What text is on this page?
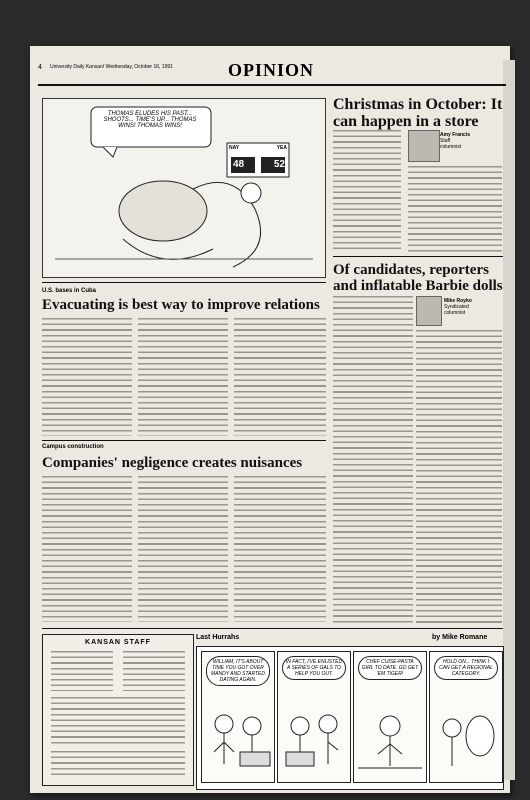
4 University Daily Kansan/ Wednesday, October 16, 1991	OPINION
THOMAS ELUDES HIS PAST... SHOOTS... TIME'S UP... THOMAS WINS! THOMAS WINS!
NAY	YEA
48	52
Christmas in October: It can happen in a store
Amy Francis
Staff
columnist
Of candidates, reporters and inflatable Barbie dolls
Mike Royko
Syndicated
columnist
U.S. bases in Cuba
Evacuating is best way to improve relations
Campus construction
Companies' negligence creates nuisances
KANSAN STAFF
Last Hurrahs	by Mike Romane
WILLIAM, IT'S ABOUT TIME YOU GOT OVER MANDY AND STARTED DATING AGAIN.
IN FACT, I'VE ENLISTED A SERIES OF GALS TO HELP YOU OUT.
CHEF CUISE-PASTA GIRL TO DATE. GO GET 'EM TIGER!
HOLD ON... THINK I CAN GET A REGIONAL CATEGORY.
